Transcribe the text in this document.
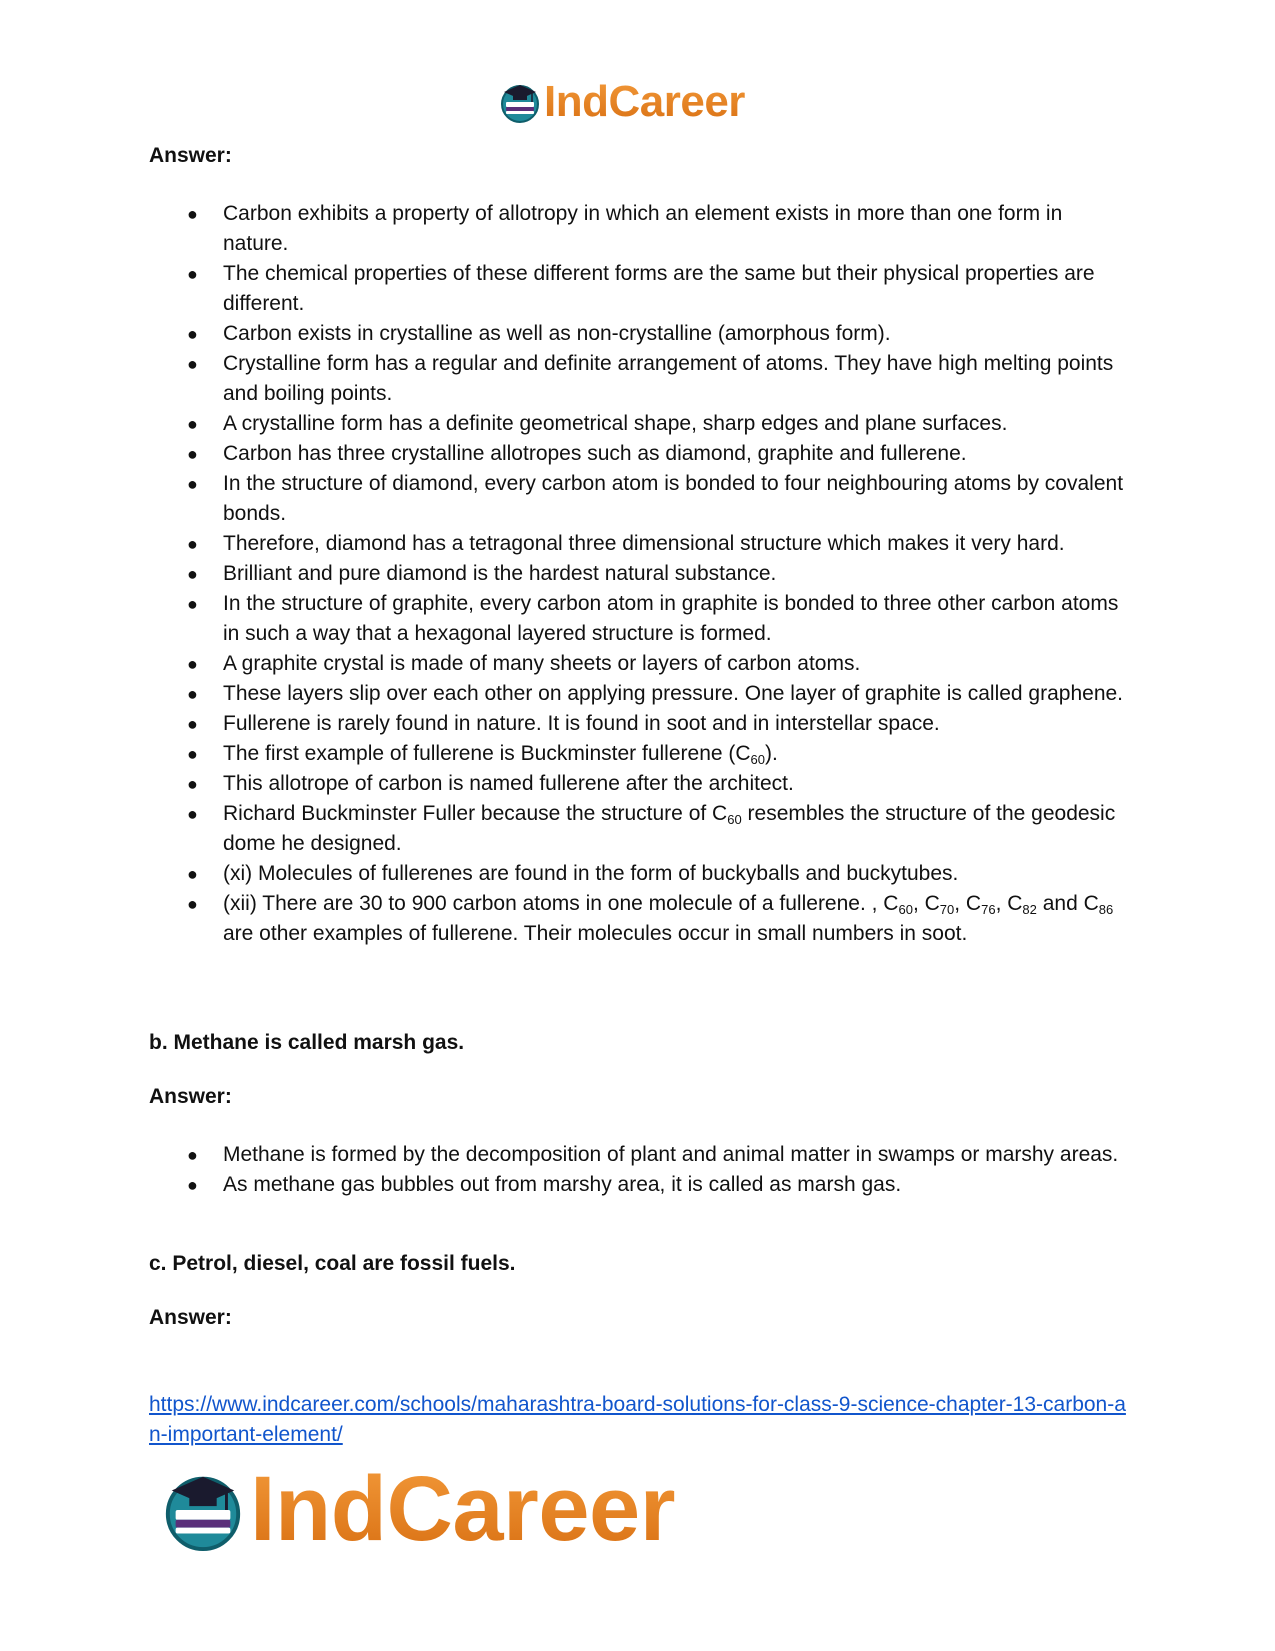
IndCareer

Answer:

● Carbon exhibits a property of allotropy in which an element exists in more than one form in nature.
● The chemical properties of these different forms are the same but their physical properties are different.
● Carbon exists in crystalline as well as non-crystalline (amorphous form).
● Crystalline form has a regular and definite arrangement of atoms. They have high melting points and boiling points.
● A crystalline form has a definite geometrical shape, sharp edges and plane surfaces.
● Carbon has three crystalline allotropes such as diamond, graphite and fullerene.
● In the structure of diamond, every carbon atom is bonded to four neighbouring atoms by covalent bonds.
● Therefore, diamond has a tetragonal three dimensional structure which makes it very hard.
● Brilliant and pure diamond is the hardest natural substance.
● In the structure of graphite, every carbon atom in graphite is bonded to three other carbon atoms in such a way that a hexagonal layered structure is formed.
● A graphite crystal is made of many sheets or layers of carbon atoms.
● These layers slip over each other on applying pressure. One layer of graphite is called graphene.
● Fullerene is rarely found in nature. It is found in soot and in interstellar space.
● The first example of fullerene is Buckminster fullerene $(C_{60})$.
● This allotrope of carbon is named fullerene after the architect.
● Richard Buckminster Fuller because the structure of $C_{60}$ resembles the structure of the geodesic dome he designed.
● (xi) Molecules of fullerenes are found in the form of buckyballs and buckytubes.
● (xii) There are 30 to 900 carbon atoms in one molecule of a fullerene. , $C_{60}$, $C_{70}$, $C_{76}$, $C_{82}$ and $C_{86}$ are other examples of fullerene. Their molecules occur in small numbers in soot.

b. Methane is called marsh gas.

Answer:

● Methane is formed by the decomposition of plant and animal matter in swamps or marshy areas.
● As methane gas bubbles out from marshy area, it is called as marsh gas.

c. Petrol, diesel, coal are fossil fuels.

Answer:

https://www.indcareer.com/schools/maharashtra-board-solutions-for-class-9-science-chapter-13-carbon-an-important-element/
IndCareer
